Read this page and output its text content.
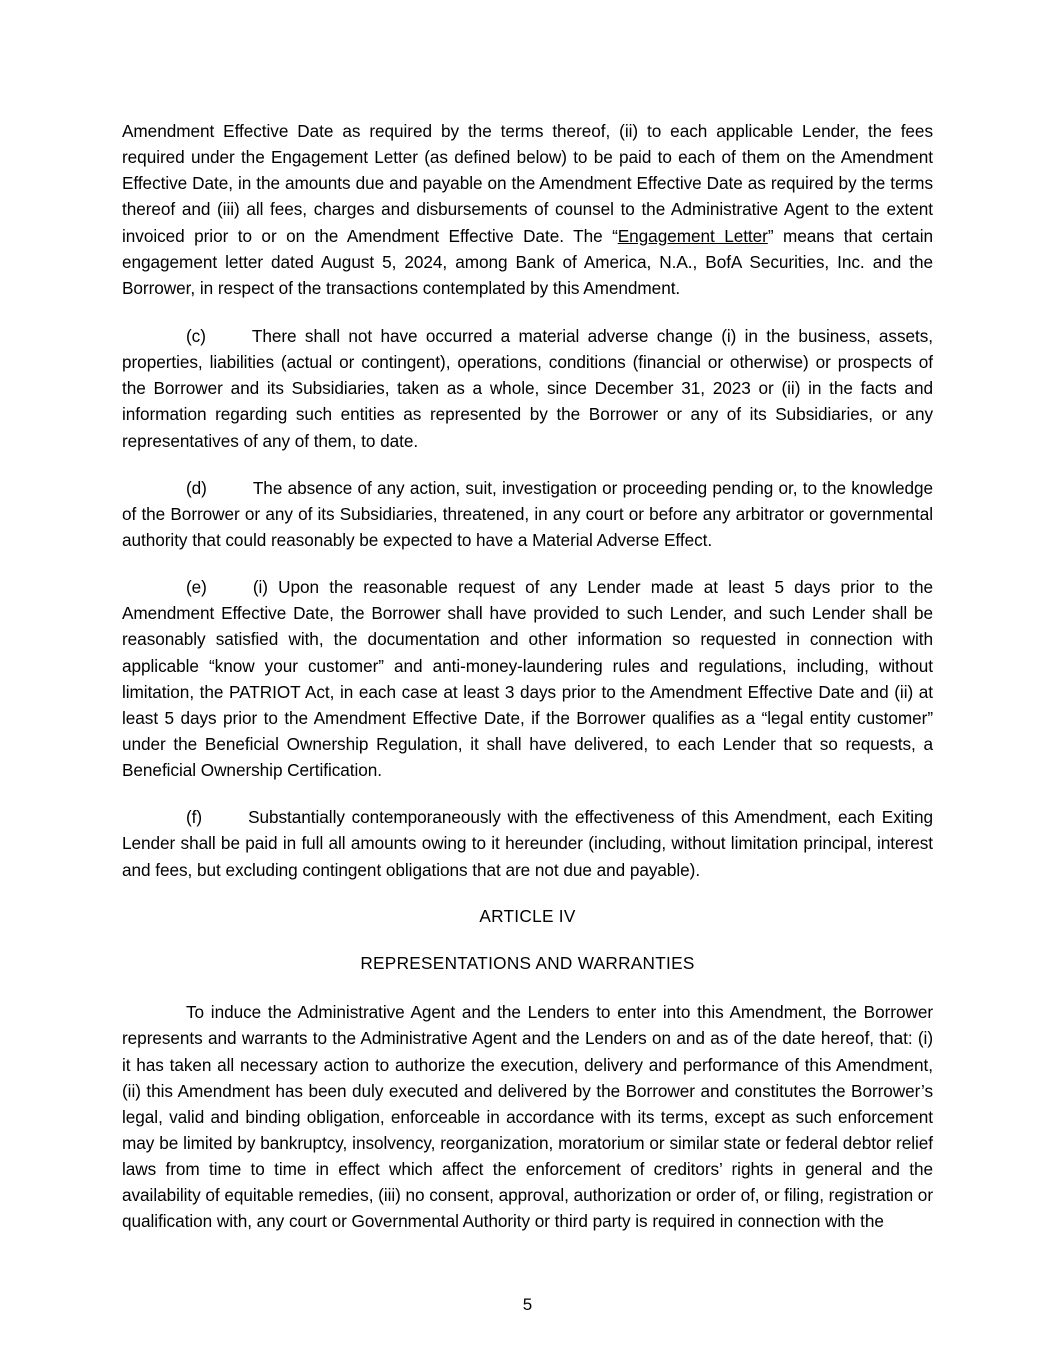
Amendment Effective Date as required by the terms thereof, (ii) to each applicable Lender, the fees required under the Engagement Letter (as defined below) to be paid to each of them on the Amendment Effective Date, in the amounts due and payable on the Amendment Effective Date as required by the terms thereof and (iii) all fees, charges and disbursements of counsel to the Administrative Agent to the extent invoiced prior to or on the Amendment Effective Date. The “Engagement Letter” means that certain engagement letter dated August 5, 2024, among Bank of America, N.A., BofA Securities, Inc. and the Borrower, in respect of the transactions contemplated by this Amendment.

(c)	There shall not have occurred a material adverse change (i) in the business, assets, properties, liabilities (actual or contingent), operations, conditions (financial or otherwise) or prospects of the Borrower and its Subsidiaries, taken as a whole, since December 31, 2023 or (ii) in the facts and information regarding such entities as represented by the Borrower or any of its Subsidiaries, or any representatives of any of them, to date.

(d)	The absence of any action, suit, investigation or proceeding pending or, to the knowledge of the Borrower or any of its Subsidiaries, threatened, in any court or before any arbitrator or governmental authority that could reasonably be expected to have a Material Adverse Effect.

(e)	(i) Upon the reasonable request of any Lender made at least 5 days prior to the Amendment Effective Date, the Borrower shall have provided to such Lender, and such Lender shall be reasonably satisfied with, the documentation and other information so requested in connection with applicable “know your customer” and anti-money-laundering rules and regulations, including, without limitation, the PATRIOT Act, in each case at least 3 days prior to the Amendment Effective Date and (ii) at least 5 days prior to the Amendment Effective Date, if the Borrower qualifies as a “legal entity customer” under the Beneficial Ownership Regulation, it shall have delivered, to each Lender that so requests, a Beneficial Ownership Certification.

(f)	Substantially contemporaneously with the effectiveness of this Amendment, each Exiting Lender shall be paid in full all amounts owing to it hereunder (including, without limitation principal, interest and fees, but excluding contingent obligations that are not due and payable).

ARTICLE IV

REPRESENTATIONS AND WARRANTIES

To induce the Administrative Agent and the Lenders to enter into this Amendment, the Borrower represents and warrants to the Administrative Agent and the Lenders on and as of the date hereof, that: (i) it has taken all necessary action to authorize the execution, delivery and performance of this Amendment, (ii) this Amendment has been duly executed and delivered by the Borrower and constitutes the Borrower’s legal, valid and binding obligation, enforceable in accordance with its terms, except as such enforcement may be limited by bankruptcy, insolvency, reorganization, moratorium or similar state or federal debtor relief laws from time to time in effect which affect the enforcement of creditors’ rights in general and the availability of equitable remedies, (iii) no consent, approval, authorization or order of, or filing, registration or qualification with, any court or Governmental Authority or third party is required in connection with the

5
